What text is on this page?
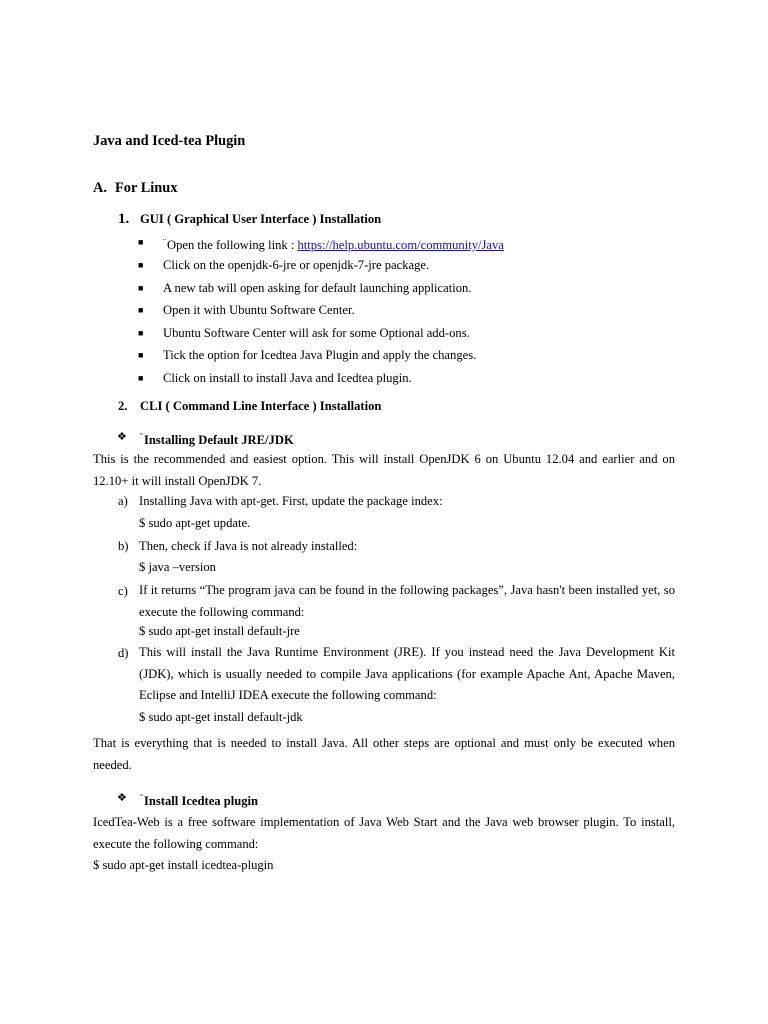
Java and Iced-tea Plugin
A. For Linux
1. GUI ( Graphical User Interface ) Installation
■ ¨Open the following link : https://help.ubuntu.com/community/Java
■ Click on the openjdk-6-jre or openjdk-7-jre package.
■ A new tab will open asking for default launching application.
■ Open it with Ubuntu Software Center.
■ Ubuntu Software Center will ask for some Optional add-ons.
■ Tick the option for Icedtea Java Plugin and apply the changes.
■ Click on install to install Java and Icedtea plugin.
2. CLI ( Command Line Interface ) Installation
❖ ¨Installing Default JRE/JDK
This is the recommended and easiest option. This will install OpenJDK 6 on Ubuntu 12.04 and earlier and on 12.10+ it will install OpenJDK 7.
a) Installing Java with apt-get. First, update the package index:
$ sudo apt-get update.
b) Then, check if Java is not already installed:
$ java –version
c) If it returns “The program java can be found in the following packages”, Java hasn't been installed yet, so execute the following command:
$ sudo apt-get install default-jre
d) This will install the Java Runtime Environment (JRE). If you instead need the Java Development Kit (JDK), which is usually needed to compile Java applications (for example Apache Ant, Apache Maven, Eclipse and IntelliJ IDEA execute the following command:
$ sudo apt-get install default-jdk
That is everything that is needed to install Java. All other steps are optional and must only be executed when needed.
❖ ¨Install Icedtea plugin
IcedTea-Web is a free software implementation of Java Web Start and the Java web browser plugin. To install, execute the following command:
$ sudo apt-get install icedtea-plugin
